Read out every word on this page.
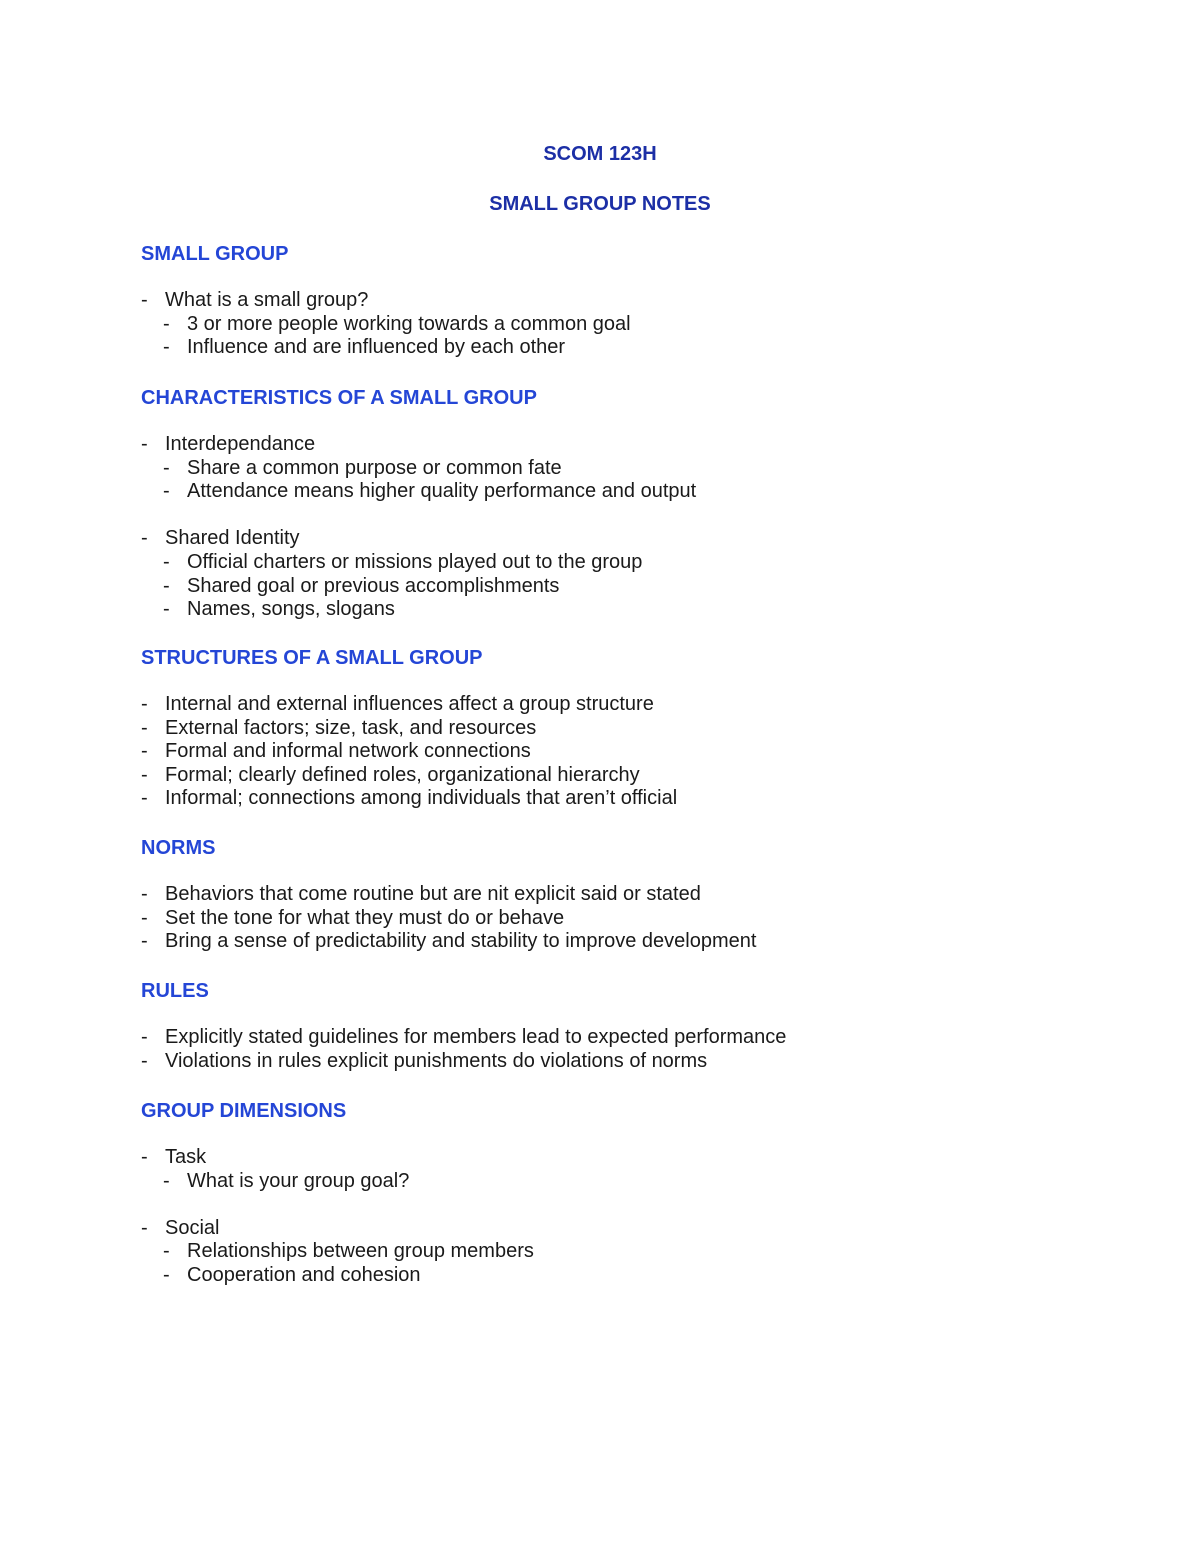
SCOM 123H
SMALL GROUP NOTES
SMALL GROUP
- What is a small group?
- 3 or more people working towards a common goal
- Influence and are influenced by each other
CHARACTERISTICS OF A SMALL GROUP
- Interdependance
- Share a common purpose or common fate
- Attendance means higher quality performance and output
- Shared Identity
- Official charters or missions played out to the group
- Shared goal or previous accomplishments
- Names, songs, slogans
STRUCTURES OF A SMALL GROUP
- Internal and external influences affect a group structure
- External factors; size, task, and resources
- Formal and informal network connections
- Formal; clearly defined roles, organizational hierarchy
- Informal; connections among individuals that aren’t official
NORMS
- Behaviors that come routine but are nit explicit said or stated
- Set the tone for what they must do or behave
- Bring a sense of predictability and stability to improve development
RULES
- Explicitly stated guidelines for members lead to expected performance
- Violations in rules explicit punishments do violations of norms
GROUP DIMENSIONS
- Task
- What is your group goal?
- Social
- Relationships between group members
- Cooperation and cohesion
